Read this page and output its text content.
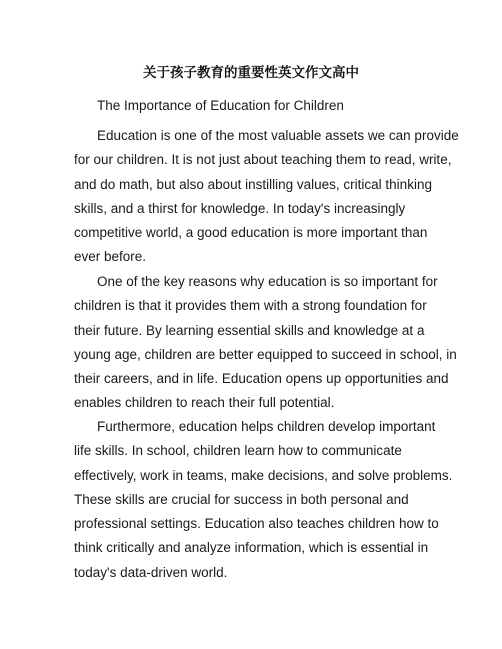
关于孩子教育的重要性英文作文高中
The Importance of Education for Children
Education is one of the most valuable assets we can provide
for our children. It is not just about teaching them to read, write,
and do math, but also about instilling values, critical thinking
skills, and a thirst for knowledge. In today's increasingly
competitive world, a good education is more important than
ever before.
One of the key reasons why education is so important for
children is that it provides them with a strong foundation for
their future. By learning essential skills and knowledge at a
young age, children are better equipped to succeed in school, in
their careers, and in life. Education opens up opportunities and
enables children to reach their full potential.
Furthermore, education helps children develop important
life skills. In school, children learn how to communicate
effectively, work in teams, make decisions, and solve problems.
These skills are crucial for success in both personal and
professional settings. Education also teaches children how to
think critically and analyze information, which is essential in
today's data-driven world.
